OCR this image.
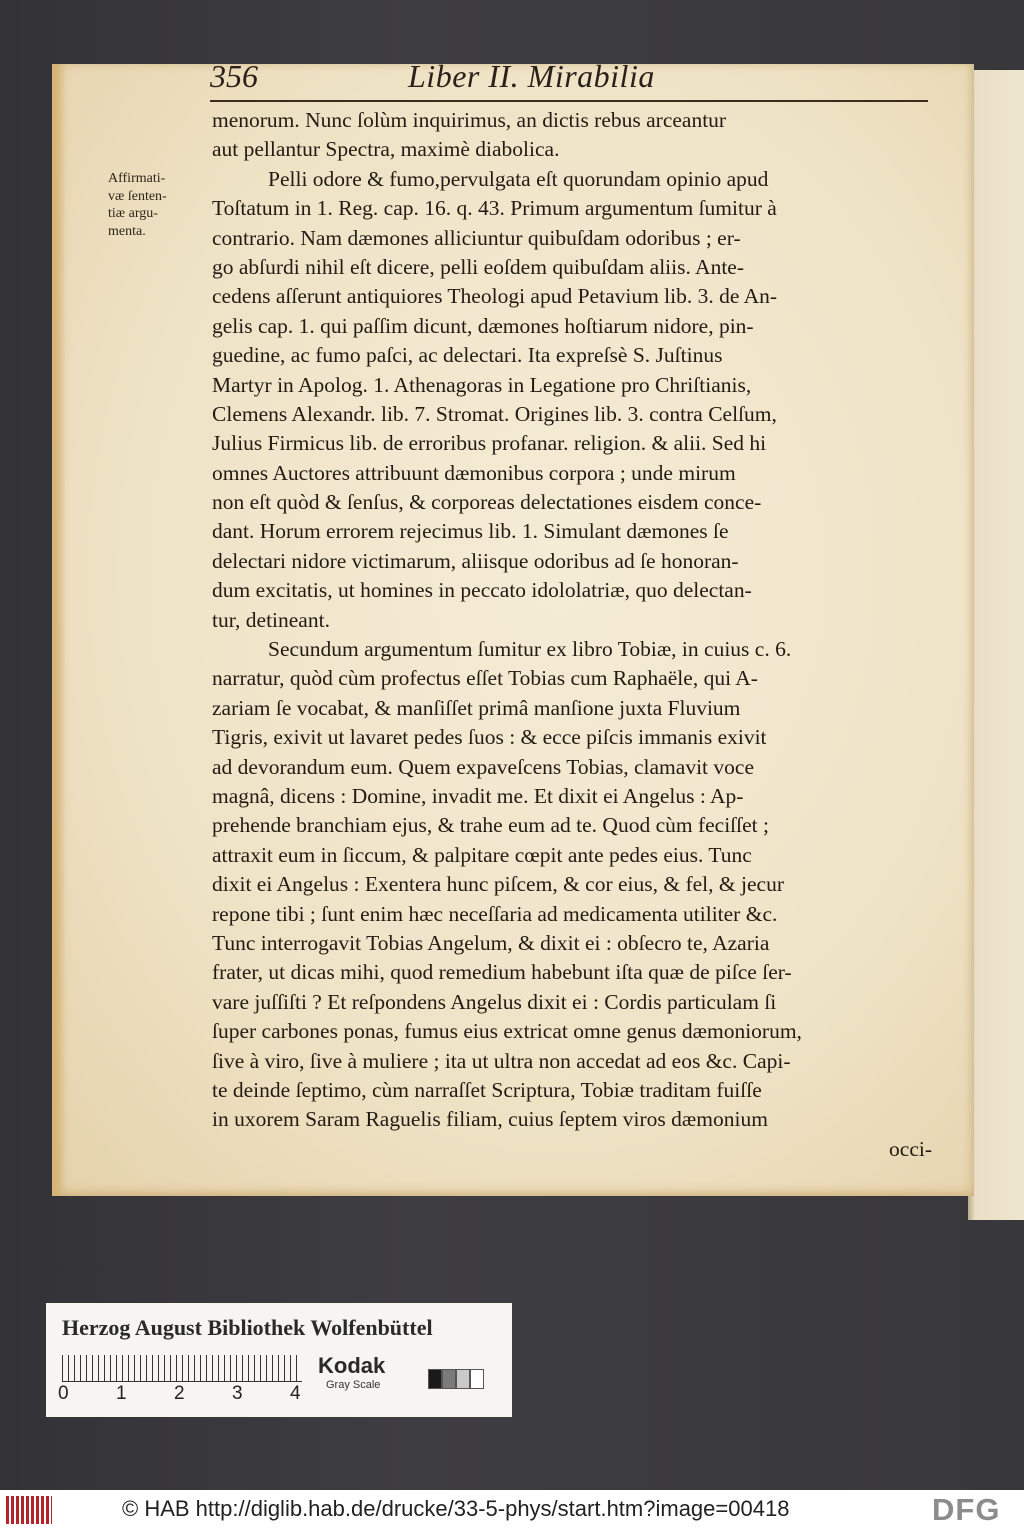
356	Liber II. Mirabilia
Affirmati-
væ ſenten-
tiæ argu-
menta.
menorum. Nunc ſolùm inquirimus, an dictis rebus arceantur
aut pellantur Spectra, maximè diabolica.
Pelli odore & fumo,pervulgata eſt quorundam opinio apud
Toſtatum in 1. Reg. cap. 16. q. 43. Primum argumentum ſumitur à
contrario. Nam dæmones alliciuntur quibuſdam odoribus ; er-
go abſurdi nihil eſt dicere, pelli eoſdem quibuſdam aliis. Ante-
cedens aſſerunt antiquiores Theologi apud Petavium lib. 3. de An-
gelis cap. 1. qui paſſim dicunt, dæmones hoſtiarum nidore, pin-
guedine, ac fumo paſci, ac delectari. Ita expreſsè S. Juſtinus
Martyr in Apolog. 1. Athenagoras in Legatione pro Chriſtianis,
Clemens Alexandr. lib. 7. Stromat. Origines lib. 3. contra Celſum,
Julius Firmicus lib. de erroribus profanar. religion. & alii. Sed hi
omnes Auctores attribuunt dæmonibus corpora ; unde mirum
non eſt quòd & ſenſus, & corporeas delectationes eisdem conce-
dant. Horum errorem rejecimus lib. 1. Simulant dæmones ſe
delectari nidore victimarum, aliisque odoribus ad ſe honoran-
dum excitatis, ut homines in peccato idololatriæ, quo delectan-
tur, detineant.
Secundum argumentum ſumitur ex libro Tobiæ, in cuius c. 6.
narratur, quòd cùm profectus eſſet Tobias cum Raphaële, qui A-
zariam ſe vocabat, & manſiſſet primâ manſione juxta Fluvium
Tigris, exivit ut lavaret pedes ſuos : & ecce piſcis immanis exivit
ad devorandum eum. Quem expaveſcens Tobias, clamavit voce
magnâ, dicens : Domine, invadit me. Et dixit ei Angelus : Ap-
prehende branchiam ejus, & trahe eum ad te. Quod cùm feciſſet ;
attraxit eum in ſiccum, & palpitare cœpit ante pedes eius. Tunc
dixit ei Angelus : Exentera hunc piſcem, & cor eius, & fel, & jecur
repone tibi ; ſunt enim hæc neceſſaria ad medicamenta utiliter &c.
Tunc interrogavit Tobias Angelum, & dixit ei : obſecro te, Azaria
frater, ut dicas mihi, quod remedium habebunt iſta quæ de piſce ſer-
vare juſſiſti ? Et reſpondens Angelus dixit ei : Cordis particulam ſi
ſuper carbones ponas, fumus eius extricat omne genus dæmoniorum,
ſive à viro, ſive à muliere ; ita ut ultra non accedat ad eos &c. Capi-
te deinde ſeptimo, cùm narraſſet Scriptura, Tobiæ traditam fuiſſe
in uxorem Saram Raguelis filiam, cuius ſeptem viros dæmonium
occi-
Herzog August Bibliothek Wolfenbüttel
0 1 2 3 4
Kodak
Gray Scale
© HAB http://diglib.hab.de/drucke/33-5-phys/start.htm?image=00418	DFG
